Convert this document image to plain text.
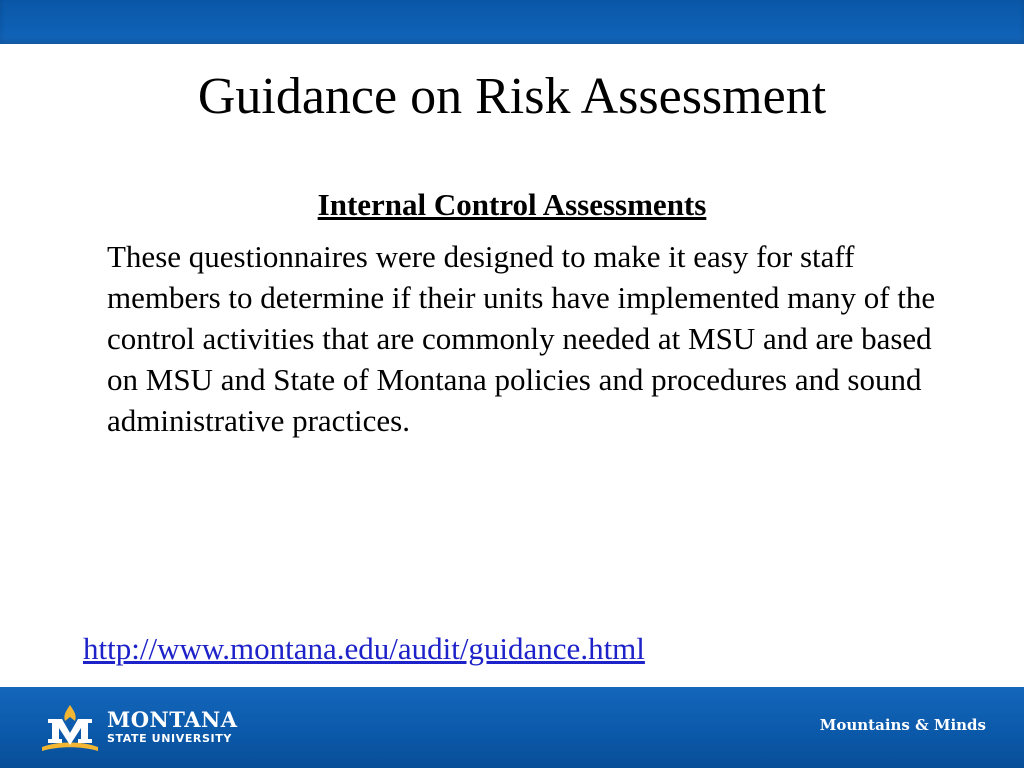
Guidance on Risk Assessment
Internal Control Assessments

These questionnaires were designed to make it easy for staff members to determine if their units have implemented many of the control activities that are commonly needed at MSU and are based on MSU and State of Montana policies and procedures and sound administrative practices.

http://www.montana.edu/audit/guidance.html
MONTANA
STATE UNIVERSITY
Mountains & Minds
